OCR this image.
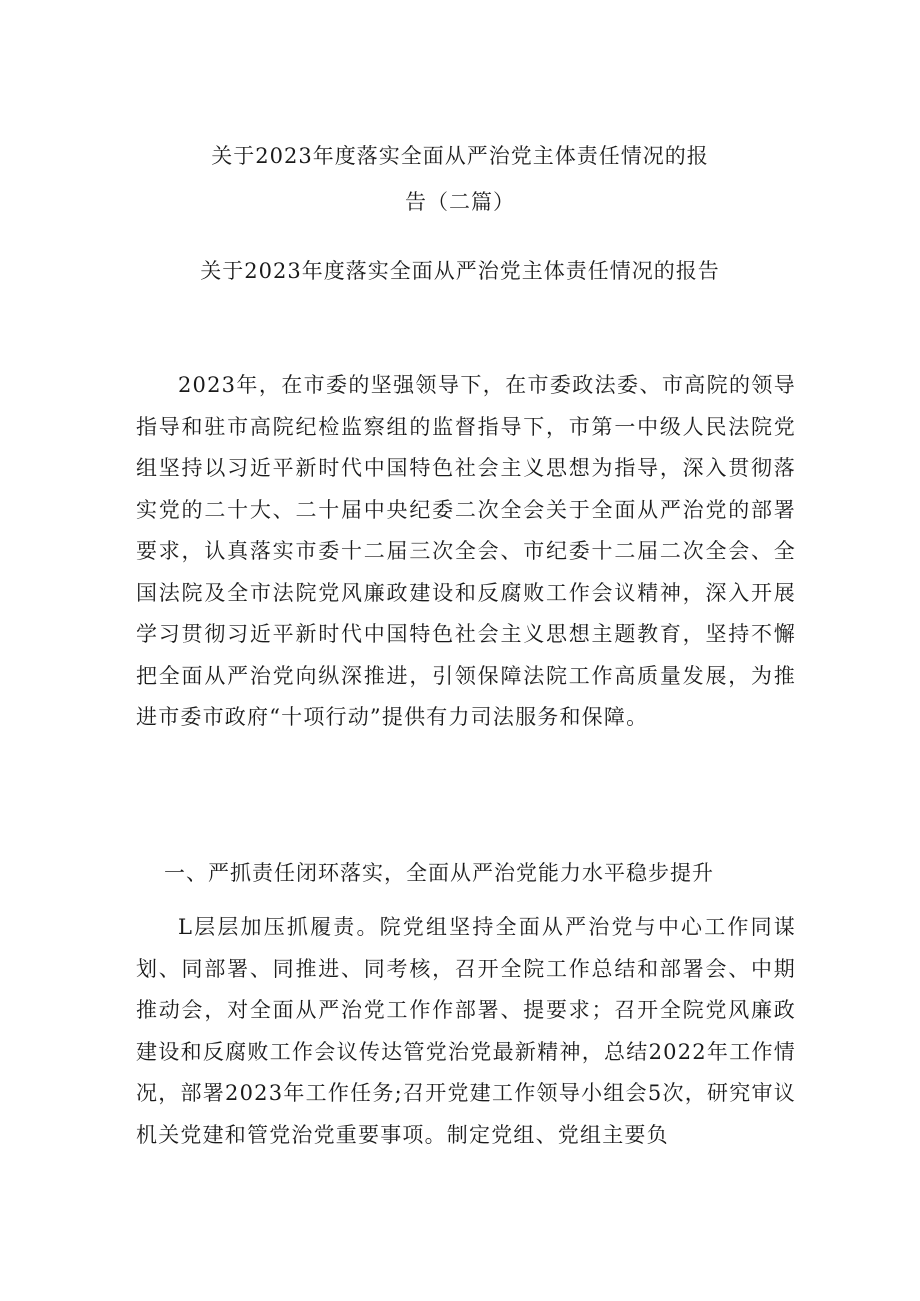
关于2023年度落实全面从严治党主体责任情况的报
告（二篇）
关于2023年度落实全面从严治党主体责任情况的报告

2023年，在市委的坚强领导下，在市委政法委、市高院的领导指导和驻市高院纪检监察组的监督指导下，市第一中级人民法院党组坚持以习近平新时代中国特色社会主义思想为指导，深入贯彻落实党的二十大、二十届中央纪委二次全会关于全面从严治党的部署要求，认真落实市委十二届三次全会、市纪委十二届二次全会、全国法院及全市法院党风廉政建设和反腐败工作会议精神，深入开展学习贯彻习近平新时代中国特色社会主义思想主题教育，坚持不懈把全面从严治党向纵深推进，引领保障法院工作高质量发展，为推进市委市政府“十项行动”提供有力司法服务和保障。

一、严抓责任闭环落实，全面从严治党能力水平稳步提升

L层层加压抓履责。院党组坚持全面从严治党与中心工作同谋划、同部署、同推进、同考核，召开全院工作总结和部署会、中期推动会，对全面从严治党工作作部署、提要求；召开全院党风廉政建设和反腐败工作会议传达管党治党最新精神，总结2022年工作情况，部署2023年工作任务;召开党建工作领导小组会5次，研究审议机关党建和管党治党重要事项。制定党组、党组主要负
